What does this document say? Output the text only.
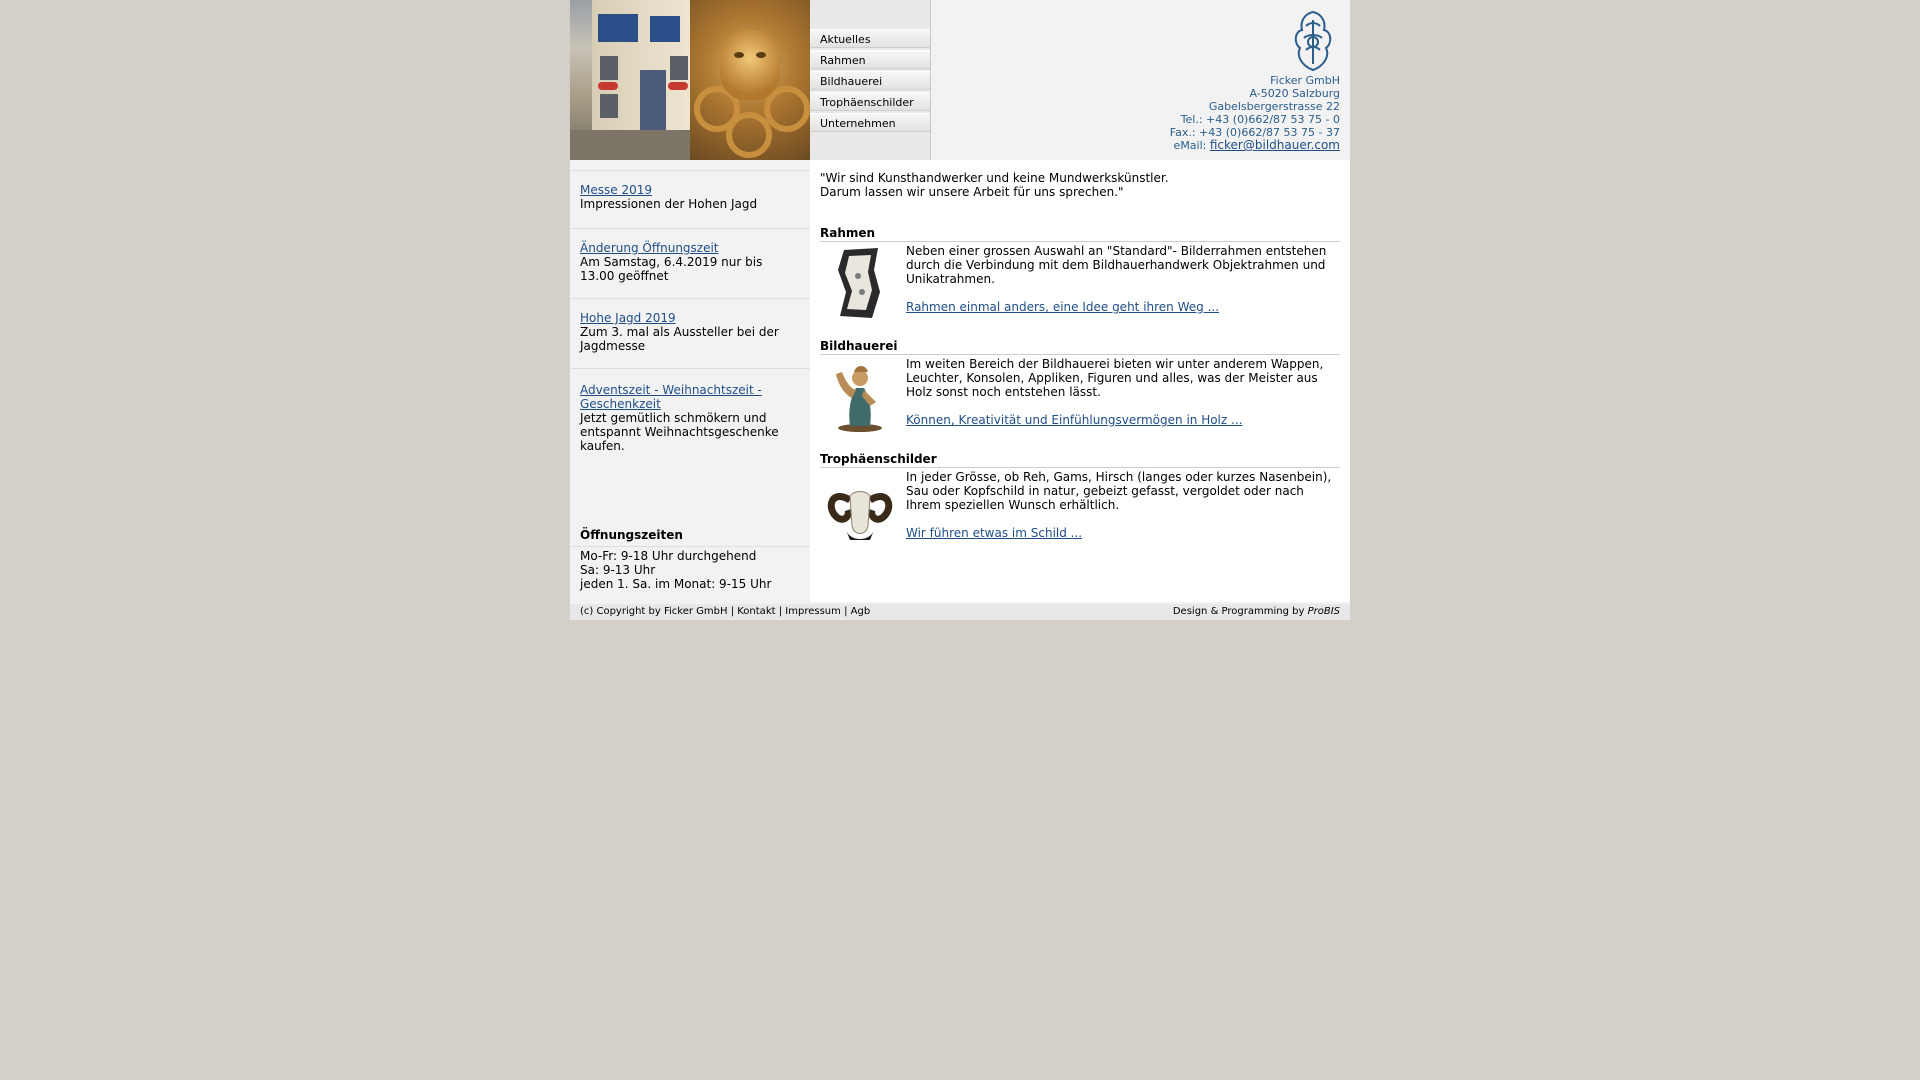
Aktuelles
Rahmen
Bildhauerei
Trophäenschilder
Unternehmen
Ficker GmbH
A-5020 Salzburg
Gabelsbergerstrasse 22
Tel.: +43 (0)662/87 53 75 - 0
Fax.: +43 (0)662/87 53 75 - 37
eMail: ficker@bildhauer.com
Messe 2019
Impressionen der Hohen Jagd
Änderung Öffnungszeit
Am Samstag, 6.4.2019 nur bis 13.00 geöffnet
Hohe Jagd 2019
Zum 3. mal als Aussteller bei der Jagdmesse
Adventszeit - Weihnachtszeit - Geschenkzeit
Jetzt gemütlich schmökern und entspannt Weihnachtsgeschenke kaufen.
Öffnungszeiten
Mo-Fr: 9-18 Uhr durchgehend
Sa: 9-13 Uhr
jeden 1. Sa. im Monat: 9-15 Uhr
"Wir sind Kunsthandwerker und keine Mundwerkskünstler.
Darum lassen wir unsere Arbeit für uns sprechen."
Rahmen
Neben einer grossen Auswahl an "Standard"- Bilderrahmen entstehen durch die Verbindung mit dem Bildhauerhandwerk Objektrahmen und Unikatrahmen.
Rahmen einmal anders, eine Idee geht ihren Weg ...
Bildhauerei
Im weiten Bereich der Bildhauerei bieten wir unter anderem Wappen, Leuchter, Konsolen, Appliken, Figuren und alles, was der Meister aus Holz sonst noch entstehen lässt.
Können, Kreativität und Einfühlungsvermögen in Holz ...
Trophäenschilder
In jeder Grösse, ob Reh, Gams, Hirsch (langes oder kurzes Nasenbein), Sau oder Kopfschild in natur, gebeizt gefasst, vergoldet oder nach Ihrem speziellen Wunsch erhältlich.
Wir führen etwas im Schild ...
(c) Copyright by Ficker GmbH | Kontakt | Impressum | Agb	Design & Programming by ProBIS
